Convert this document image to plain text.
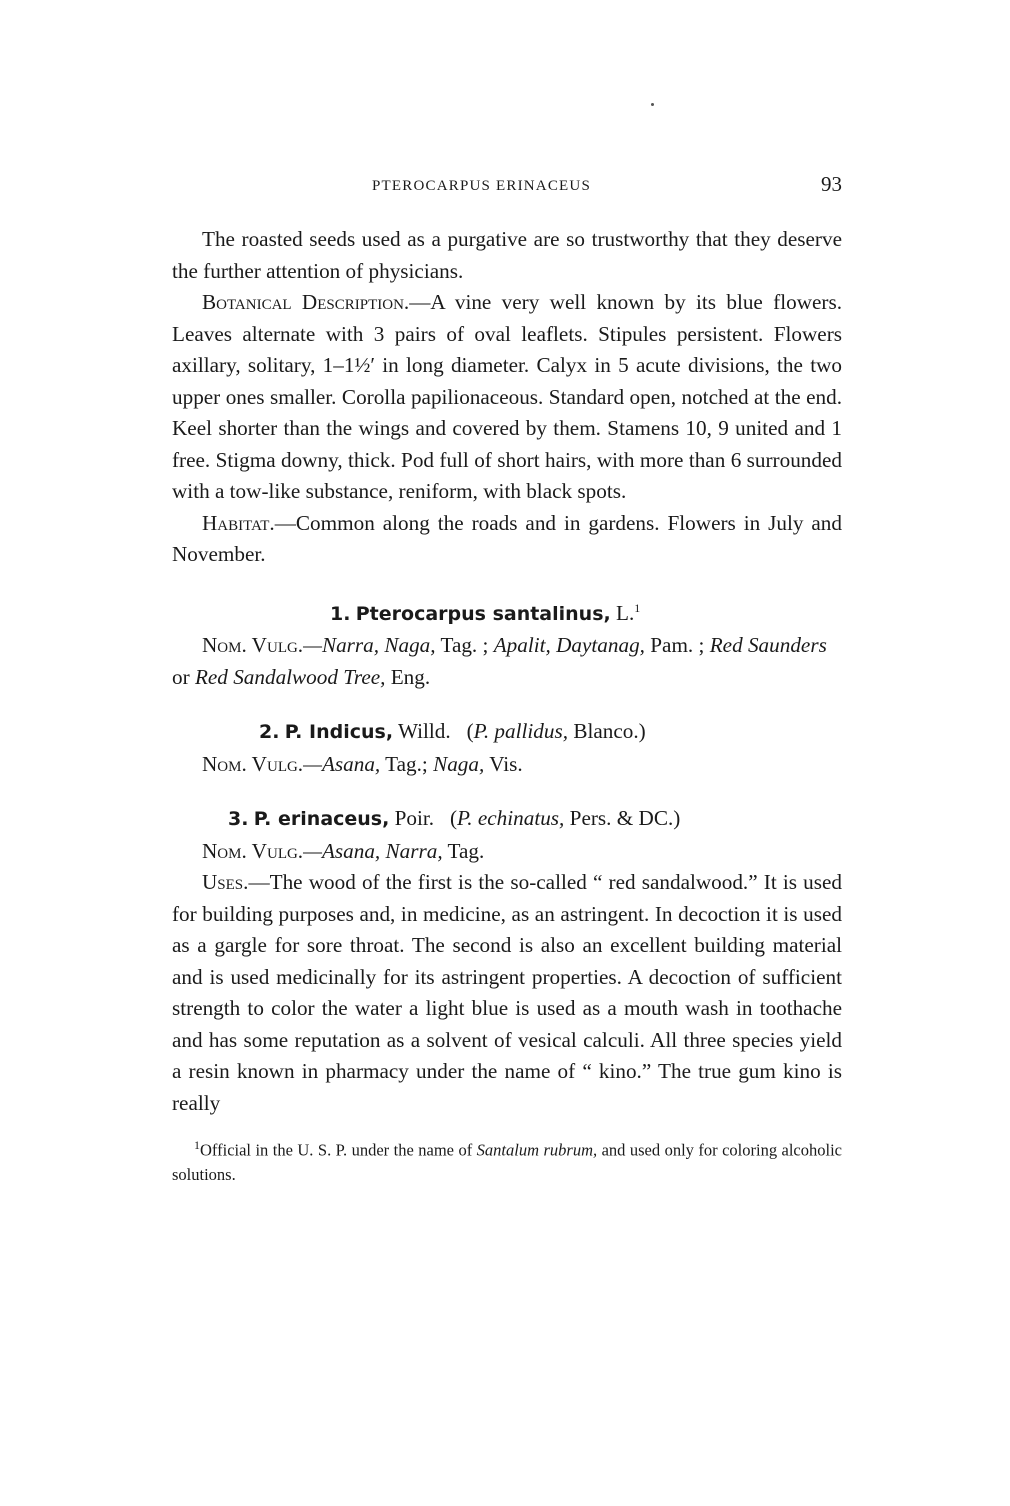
PTEROCARPUS ERINACEUS	93

The roasted seeds used as a purgative are so trustworthy that they deserve the further attention of physicians.

Botanical Description.—A vine very well known by its blue flowers. Leaves alternate with 3 pairs of oval leaflets. Stipules persistent. Flowers axillary, solitary, 1–1½′ in long diameter. Calyx in 5 acute divisions, the two upper ones smaller. Corolla papilionaceous. Standard open, notched at the end. Keel shorter than the wings and covered by them. Stamens 10, 9 united and 1 free. Stigma downy, thick. Pod full of short hairs, with more than 6 surrounded with a tow-like substance, reniform, with black spots.

Habitat.—Common along the roads and in gardens. Flowers in July and November.

1. Pterocarpus santalinus, L.$^1$

Nom. Vulg.—Narra, Naga, Tag. ; Apalit, Daytanag, Pam. ; Red Saunders or Red Sandalwood Tree, Eng.

2. P. Indicus, Willd. (P. pallidus, Blanco.)

Nom. Vulg.—Asana, Tag.; Naga, Vis.

3. P. erinaceus, Poir. (P. echinatus, Pers. & DC.)

Nom. Vulg.—Asana, Narra, Tag.

Uses.—The wood of the first is the so-called “ red sandalwood.” It is used for building purposes and, in medicine, as an astringent. In decoction it is used as a gargle for sore throat. The second is also an excellent building material and is used medicinally for its astringent properties. A decoction of sufficient strength to color the water a light blue is used as a mouth wash in toothache and has some reputation as a solvent of vesical calculi. All three species yield a resin known in pharmacy under the name of “ kino.” The true gum kino is really

$^1$Official in the U. S. P. under the name of Santalum rubrum, and used only for coloring alcoholic solutions.
